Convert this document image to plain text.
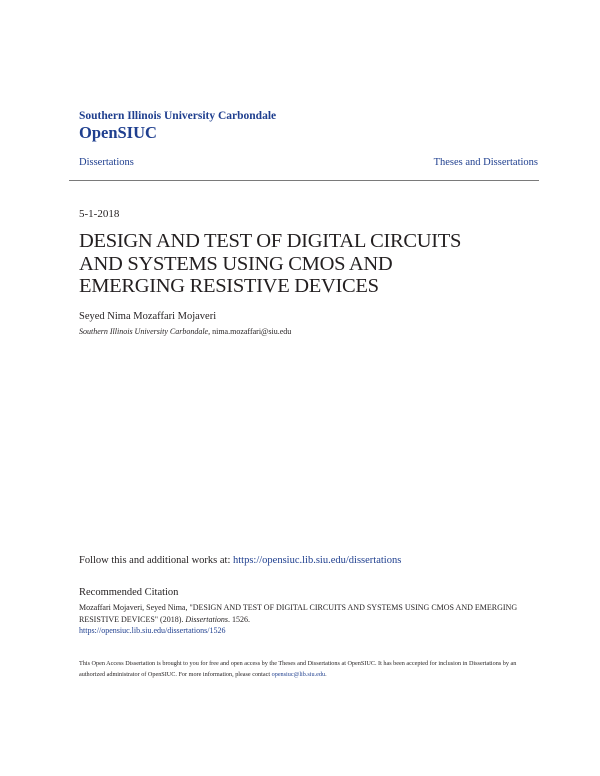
Southern Illinois University Carbondale
OpenSIUC
Dissertations	Theses and Dissertations
5-1-2018
DESIGN AND TEST OF DIGITAL CIRCUITS
AND SYSTEMS USING CMOS AND
EMERGING RESISTIVE DEVICES
Seyed Nima Mozaffari Mojaveri
Southern Illinois University Carbondale, nima.mozaffari@siu.edu
Follow this and additional works at: https://opensiuc.lib.siu.edu/dissertations
Recommended Citation
Mozaffari Mojaveri, Seyed Nima, "DESIGN AND TEST OF DIGITAL CIRCUITS AND SYSTEMS USING CMOS AND EMERGING RESISTIVE DEVICES" (2018). Dissertations. 1526.
https://opensiuc.lib.siu.edu/dissertations/1526
This Open Access Dissertation is brought to you for free and open access by the Theses and Dissertations at OpenSIUC. It has been accepted for inclusion in Dissertations by an authorized administrator of OpenSIUC. For more information, please contact opensiuc@lib.siu.edu.
